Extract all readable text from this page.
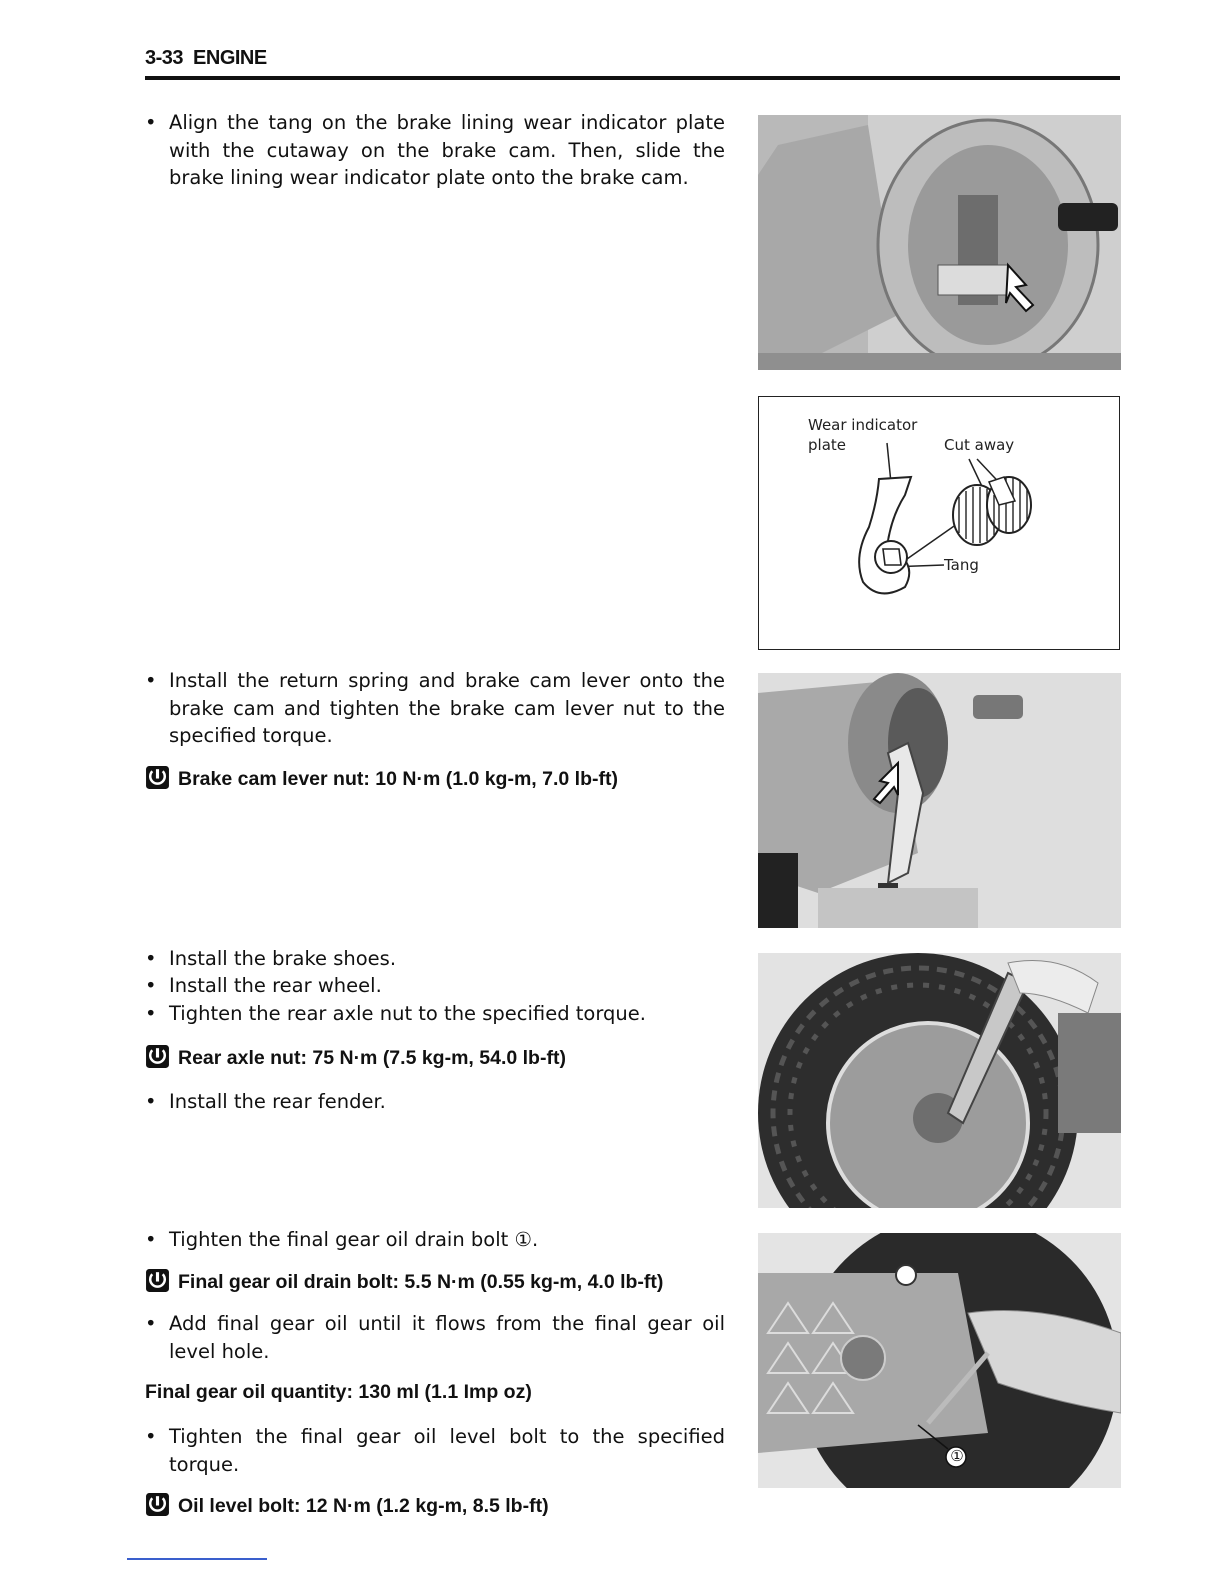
3-33 ENGINE
• Align the tang on the brake lining wear indicator plate with the cutaway on the brake cam. Then, slide the brake lining wear indicator plate onto the brake cam.
Wear indicator
plate	Cut away
Tang
• Install the return spring and brake cam lever onto the brake cam and tighten the brake cam lever nut to the specified torque.
Brake cam lever nut: 10 N·m (1.0 kg-m, 7.0 lb-ft)
• Install the brake shoes.
• Install the rear wheel.
• Tighten the rear axle nut to the specified torque.
Rear axle nut: 75 N·m (7.5 kg-m, 54.0 lb-ft)
• Install the rear fender.
• Tighten the final gear oil drain bolt ①.
Final gear oil drain bolt: 5.5 N·m (0.55 kg-m, 4.0 lb-ft)
• Add final gear oil until it flows from the final gear oil level hole.
Final gear oil quantity: 130 ml (1.1 Imp oz)
• Tighten the final gear oil level bolt to the specified torque.
Oil level bolt: 12 N·m (1.2 kg-m, 8.5 lb-ft)
①
